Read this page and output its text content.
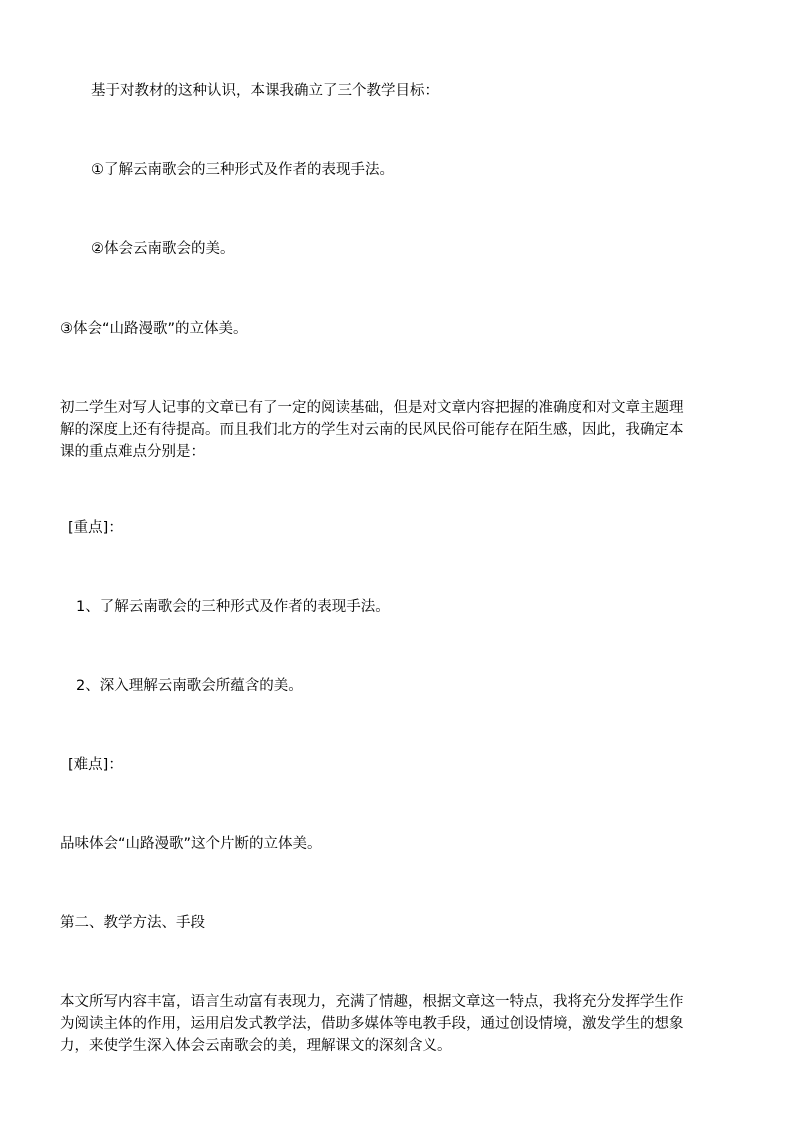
基于对教材的这种认识，本课我确立了三个教学目标：

①了解云南歌会的三种形式及作者的表现手法。

②体会云南歌会的美。

③体会“山路漫歌”的立体美。

初二学生对写人记事的文章已有了一定的阅读基础，但是对文章内容把握的准确度和对文章主题理
解的深度上还有待提高。而且我们北方的学生对云南的民风民俗可能存在陌生感，因此，我确定本
课的重点难点分别是：

[重点]：

1、了解云南歌会的三种形式及作者的表现手法。

2、深入理解云南歌会所蕴含的美。

[难点]：

品味体会“山路漫歌”这个片断的立体美。

第二、教学方法、手段

本文所写内容丰富，语言生动富有表现力，充满了情趣，根据文章这一特点，我将充分发挥学生作
为阅读主体的作用，运用启发式教学法，借助多媒体等电教手段，通过创设情境，激发学生的想象
力，来使学生深入体会云南歌会的美，理解课文的深刻含义。
